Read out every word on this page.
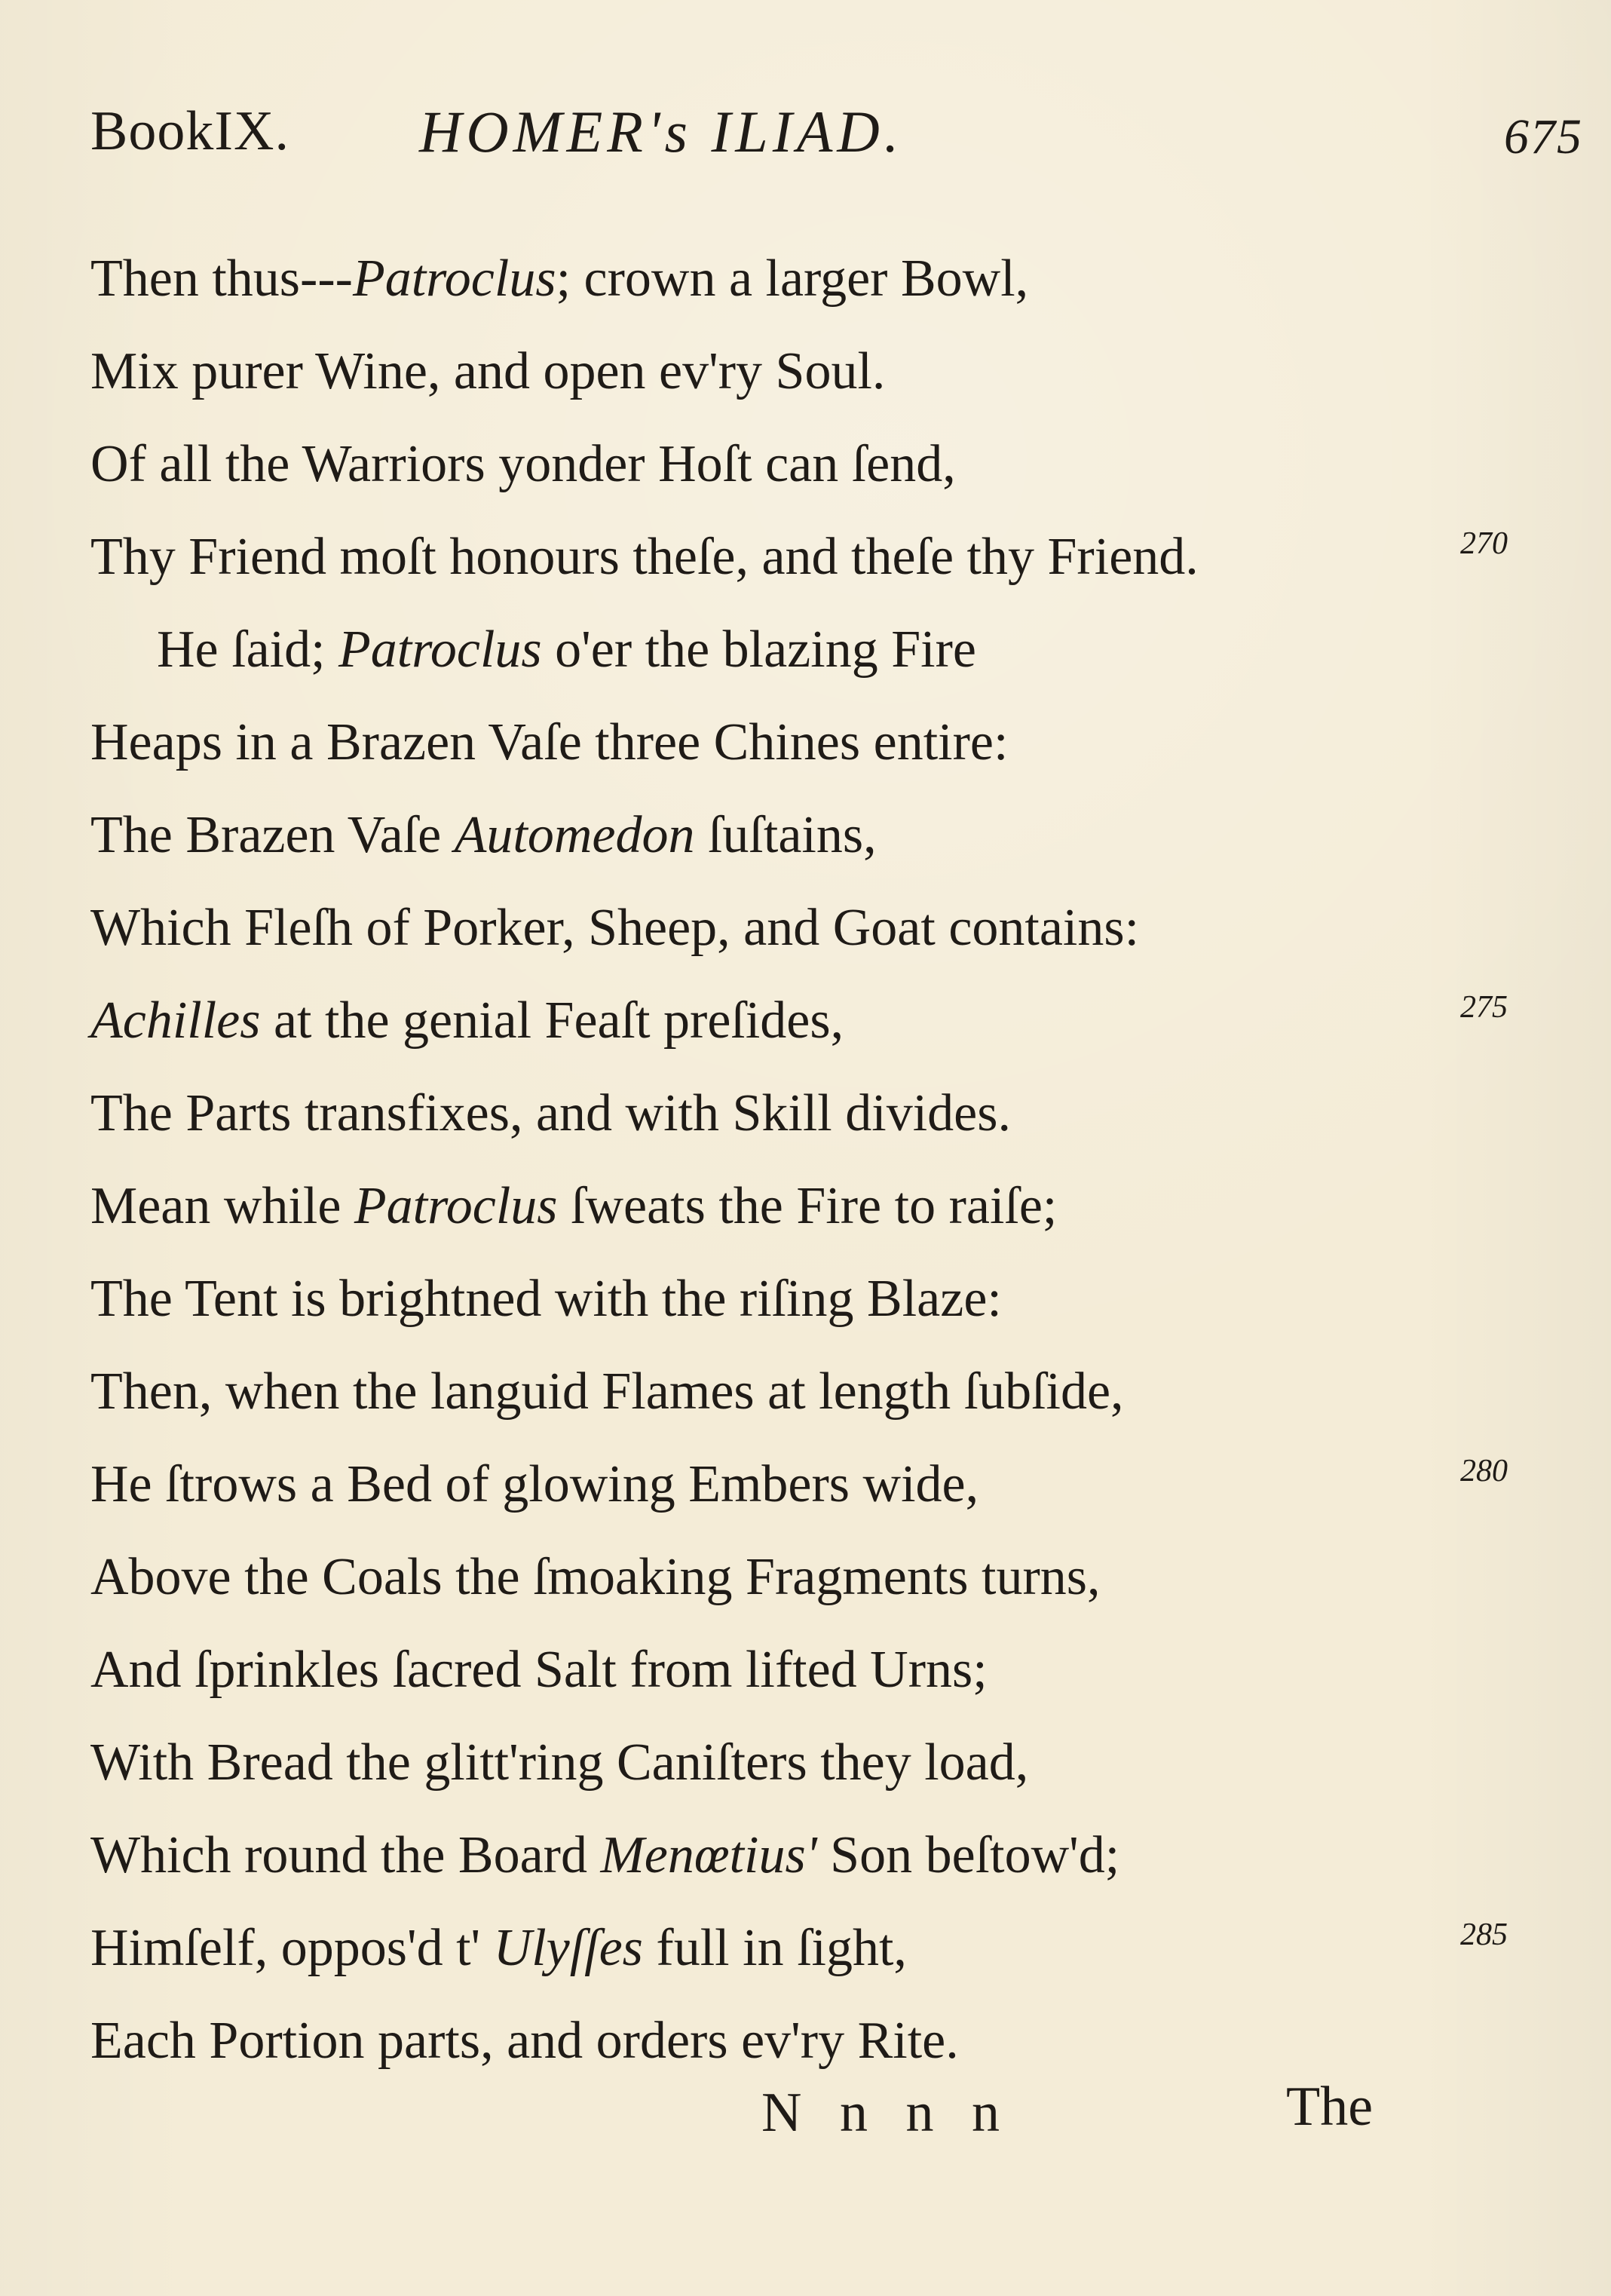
BookIX. HOMER's ILIAD.	675
Then thus---Patroclus; crown a larger Bowl,
Mix purer Wine, and open ev'ry Soul.
Of all the Warriors yonder Hoſt can ſend,
Thy Friend moſt honours theſe, and theſe thy Friend.	270
He ſaid; Patroclus o'er the blazing Fire
Heaps in a Brazen Vaſe three Chines entire:
The Brazen Vaſe Automedon ſuſtains,
Which Fleſh of Porker, Sheep, and Goat contains:
Achilles at the genial Feaſt preſides,	275
The Parts transfixes, and with Skill divides.
Mean while Patroclus ſweats the Fire to raiſe;
The Tent is brightned with the riſing Blaze:
Then, when the languid Flames at length ſubſide,
He ſtrows a Bed of glowing Embers wide,	280
Above the Coals the ſmoaking Fragments turns,
And ſprinkles ſacred Salt from lifted Urns;
With Bread the glitt'ring Caniſters they load,
Which round the Board Menœtius' Son beſtow'd;
Himſelf, oppos'd t' Ulyſſes full in ſight,	285
Each Portion parts, and orders ev'ry Rite.
N n n n	The
